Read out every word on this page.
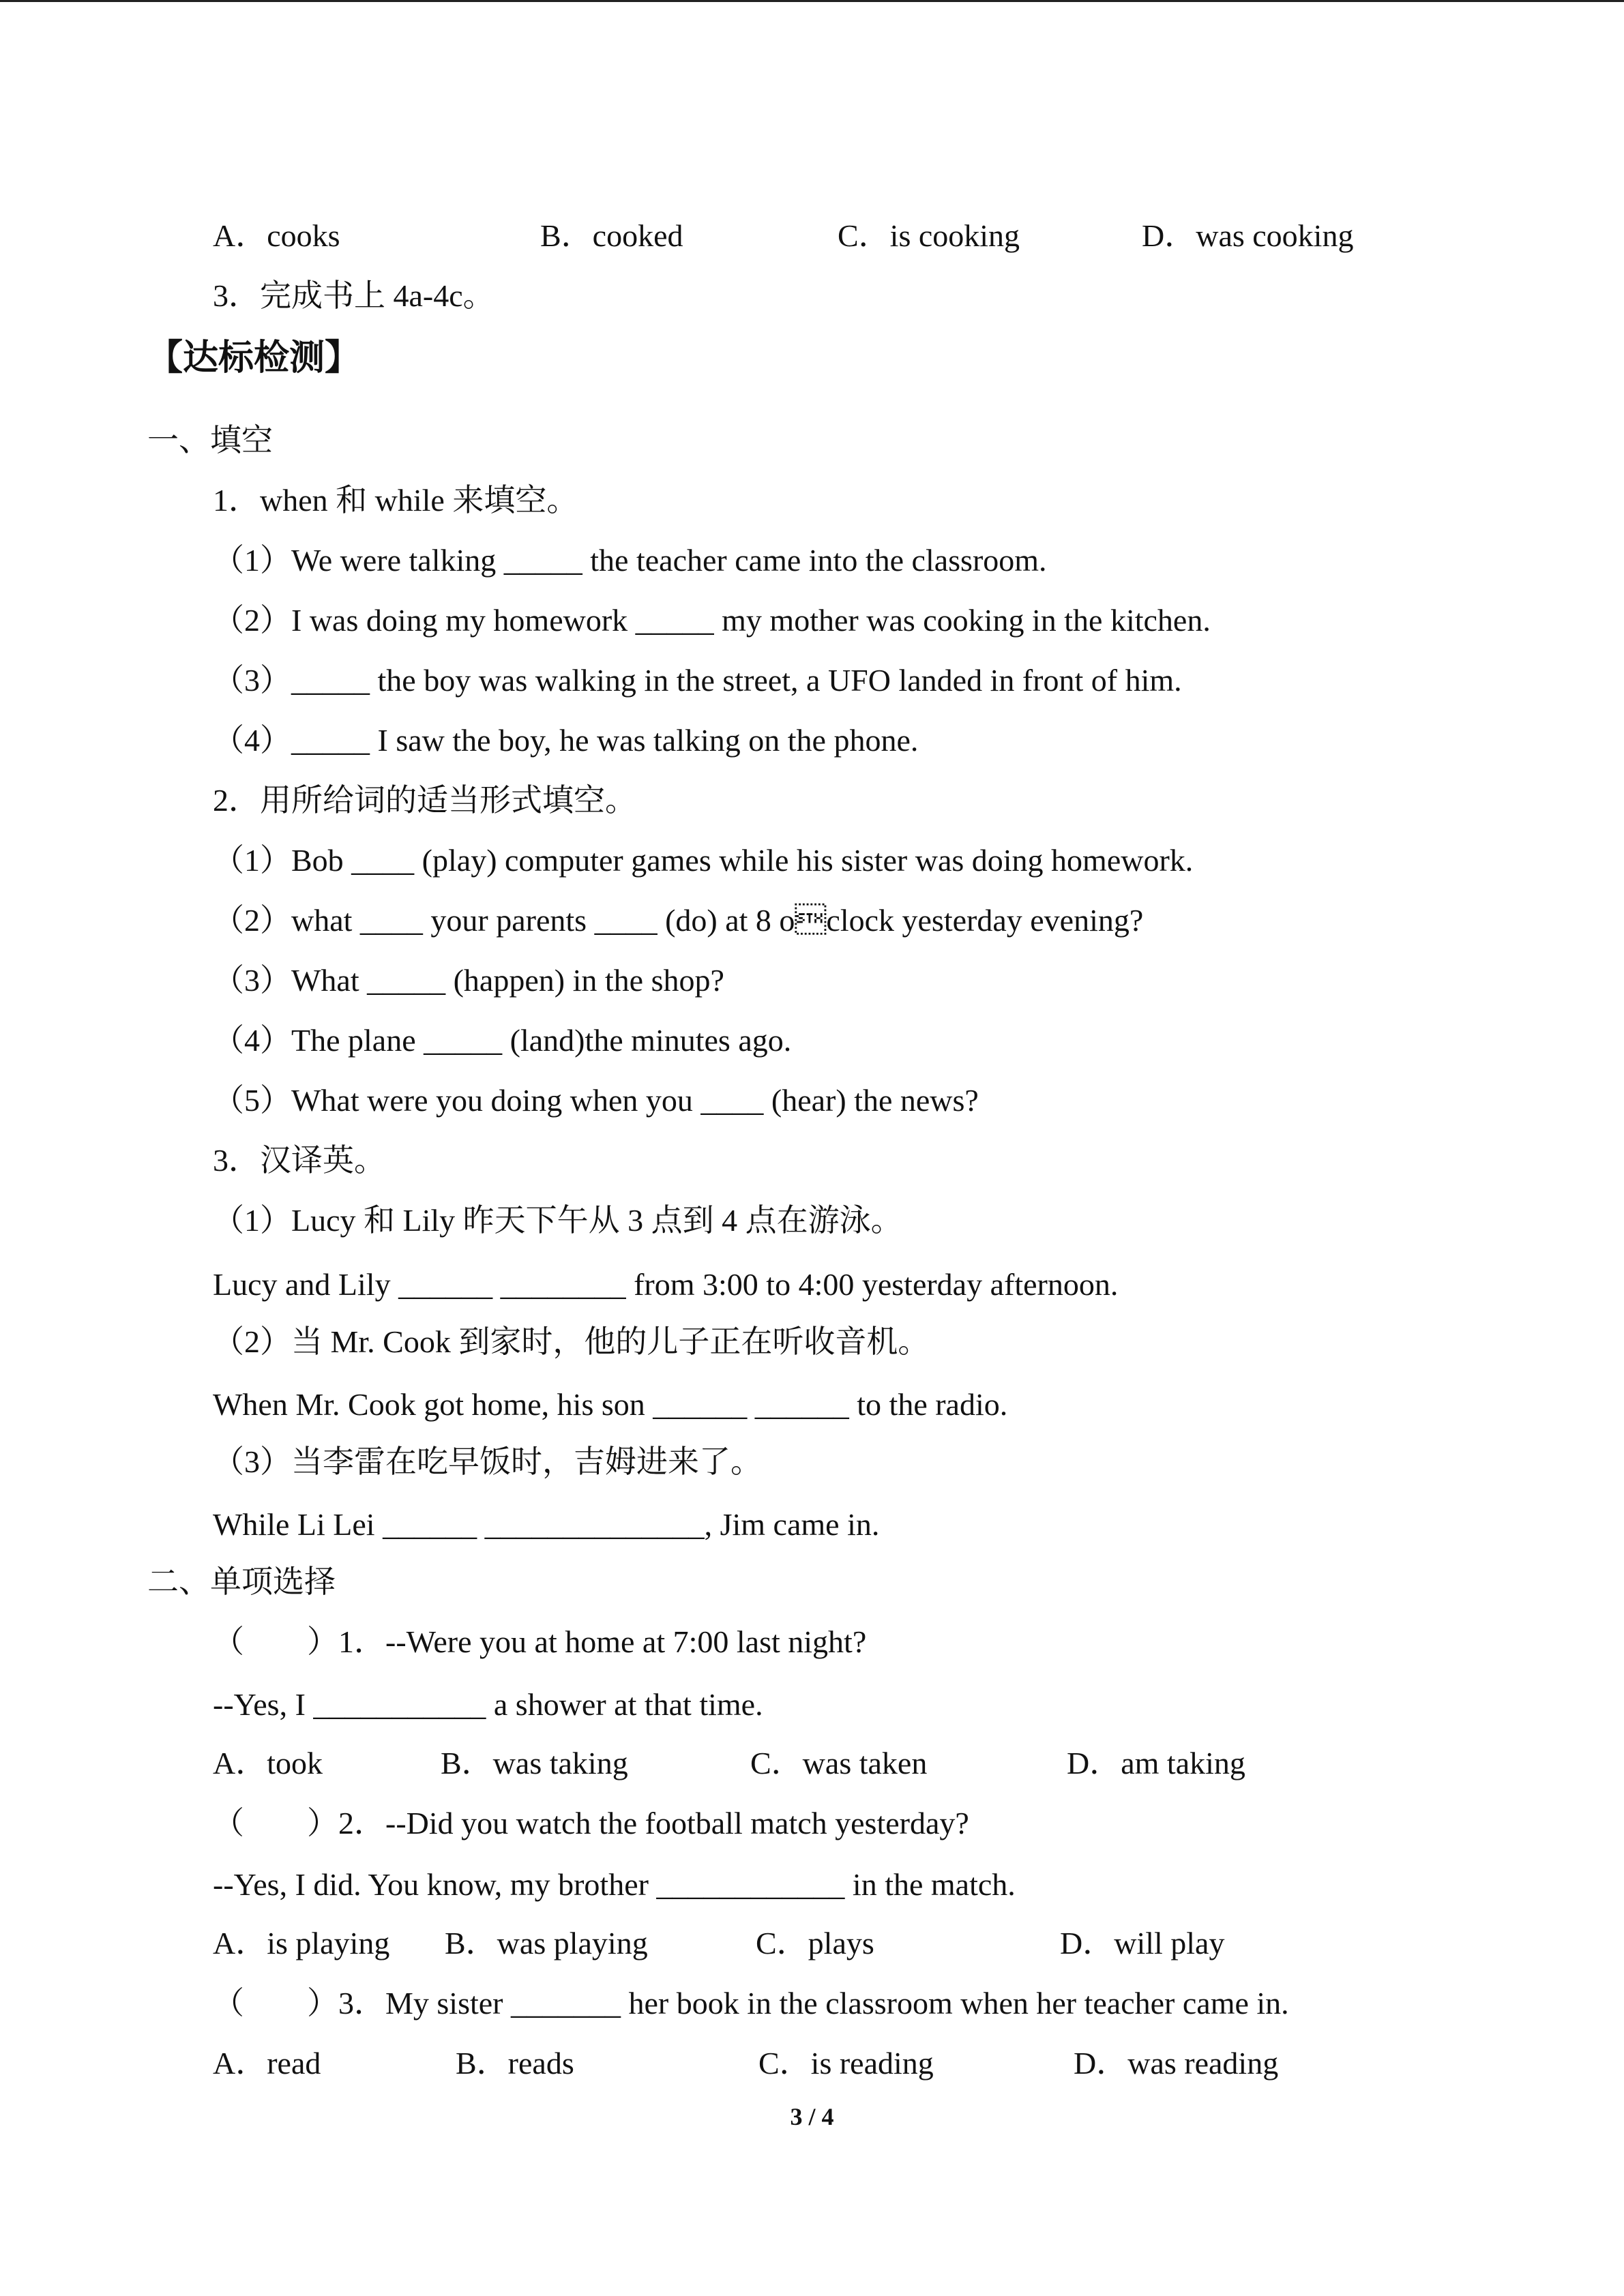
A．cooks	B．cooked	C．is cooking	D．was cooking
3．完成书上 4a-4c。
【达标检测】
一、填空
1．when 和 while 来填空。
（1）We were talking _____ the teacher came into the classroom.
（2）I was doing my homework _____ my mother was cooking in the kitchen.
（3）_____ the boy was walking in the street, a UFO landed in front of him.
（4）_____ I saw the boy, he was talking on the phone.
2．用所给词的适当形式填空。
（1）Bob ____ (play) computer games while his sister was doing homework.
（2）what ____ your parents ____ (do) at 8 oclock yesterday evening?
（3）What _____ (happen) in the shop?
（4）The plane _____ (land)the minutes ago.
（5）What were you doing when you ____ (hear) the news?
3．汉译英。
（1）Lucy 和 Lily 昨天下午从 3 点到 4 点在游泳。
Lucy and Lily ______ ________ from 3:00 to 4:00 yesterday afternoon.
（2）当 Mr. Cook 到家时，他的儿子正在听收音机。
When Mr. Cook got home, his son ______ ______ to the radio.
（3）当李雷在吃早饭时，吉姆进来了。
While Li Lei ______ ______________, Jim came in.
二、单项选择
（　　）1．--Were you at home at 7:00 last night?
--Yes, I ___________ a shower at that time.
A．took	B．was taking	C．was taken	D．am taking
（　　）2．--Did you watch the football match yesterday?
--Yes, I did. You know, my brother ____________ in the match.
A．is playing B．was playing	C．plays	D．will play
（　　）3．My sister _______ her book in the classroom when her teacher came in.
A．read	B．reads	C．is reading	D．was reading
3 / 4
